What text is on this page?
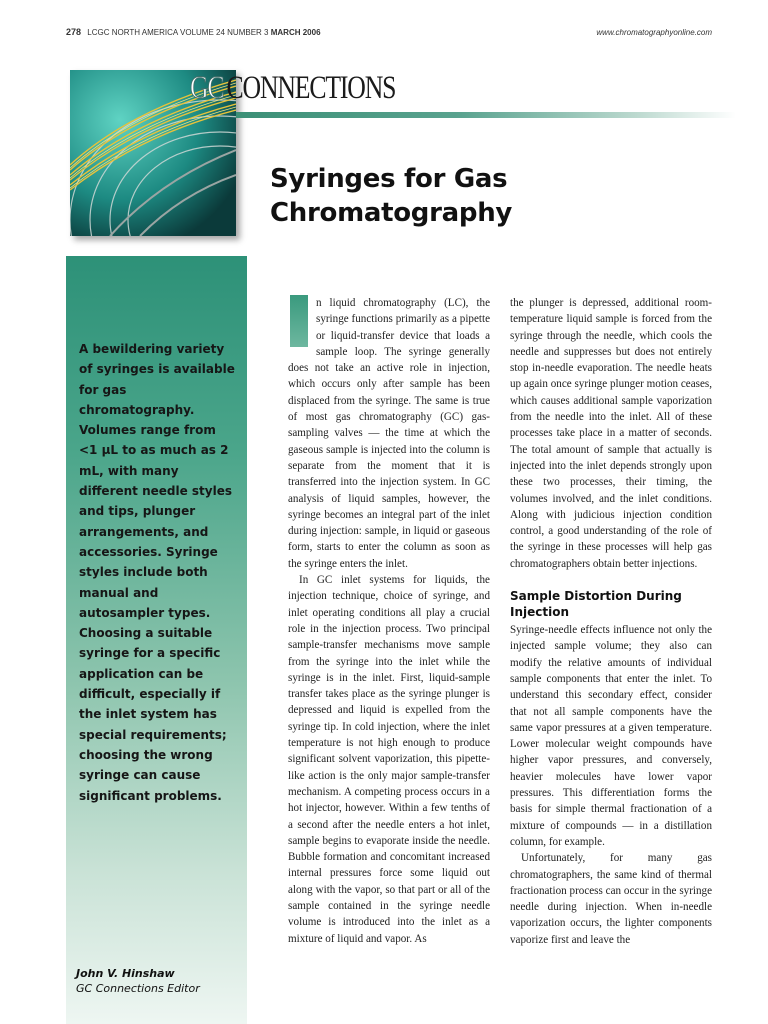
278 LCGC NORTH AMERICA VOLUME 24 NUMBER 3 MARCH 2006	www.chromatographyonline.com
GCCONNECTIONS
Syringes for Gas Chromatography
A bewildering variety of syringes is available for gas chromatography. Volumes range from <1 µL to as much as 2 mL, with many different needle styles and tips, plunger arrangements, and accessories. Syringe styles include both manual and autosampler types. Choosing a suitable syringe for a specific application can be difficult, especially if the inlet system has special requirements; choosing the wrong syringe can cause significant problems.
John V. Hinshaw
GC Connections Editor

n liquid chromatography (LC), the syringe functions primarily as a pipette or liquid-transfer device that loads a sample loop. The syringe generally does not take an active role in injection, which occurs only after sample has been displaced from the syringe. The same is true of most gas chromatography (GC) gas-sampling valves — the time at which the gaseous sample is injected into the column is separate from the moment that it is transferred into the injection system. In GC analysis of liquid samples, however, the syringe becomes an integral part of the inlet during injection: sample, in liquid or gaseous form, starts to enter the column as soon as the syringe enters the inlet.

In GC inlet systems for liquids, the injection technique, choice of syringe, and inlet operating conditions all play a crucial role in the injection process. Two principal sample-transfer mechanisms move sample from the syringe into the inlet while the syringe is in the inlet. First, liquid-sample transfer takes place as the syringe plunger is depressed and liquid is expelled from the syringe tip. In cold injection, where the inlet temperature is not high enough to produce significant solvent vaporization, this pipette-like action is the only major sample-transfer mechanism. A competing process occurs in a hot injector, however. Within a few tenths of a second after the needle enters a hot inlet, sample begins to evaporate inside the needle. Bubble formation and concomitant increased internal pressures force some liquid out along with the vapor, so that part or all of the sample contained in the syringe needle volume is introduced into the inlet as a mixture of liquid and vapor. As

the plunger is depressed, additional room-temperature liquid sample is forced from the syringe through the needle, which cools the needle and suppresses but does not entirely stop in-needle evaporation. The needle heats up again once syringe plunger motion ceases, which causes additional sample vaporization from the needle into the inlet. All of these processes take place in a matter of seconds. The total amount of sample that actually is injected into the inlet depends strongly upon these two processes, their timing, the volumes involved, and the inlet conditions. Along with judicious injection condition control, a good understanding of the role of the syringe in these processes will help gas chromatographers obtain better injections.

Sample Distortion During Injection

Syringe-needle effects influence not only the injected sample volume; they also can modify the relative amounts of individual sample components that enter the inlet. To understand this secondary effect, consider that not all sample components have the same vapor pressures at a given temperature. Lower molecular weight compounds have higher vapor pressures, and conversely, heavier molecules have lower vapor pressures. This differentiation forms the basis for simple thermal fractionation of a mixture of compounds — in a distillation column, for example.

Unfortunately, for many gas chromatographers, the same kind of thermal fractionation process can occur in the syringe needle during injection. When in-needle vaporization occurs, the lighter components vaporize first and leave the
